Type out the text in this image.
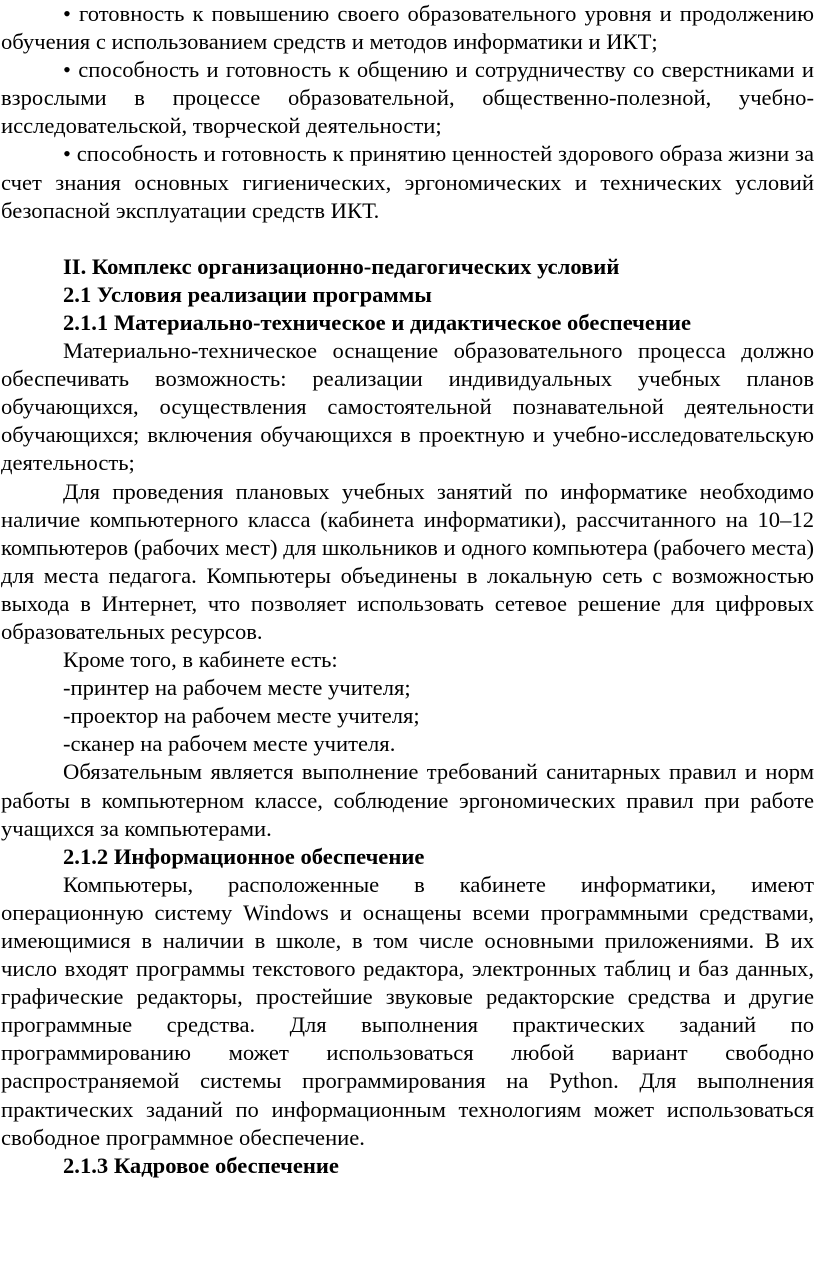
• готовность к повышению своего образовательного уровня и продолжению обучения с использованием средств и методов информатики и ИКТ;

• способность и готовность к общению и сотрудничеству со сверстниками и взрослыми в процессе образовательной, общественно-полезной, учебно-исследовательской, творческой деятельности;

• способность и готовность к принятию ценностей здорового образа жизни за счет знания основных гигиенических, эргономических и технических условий безопасной эксплуатации средств ИКТ.

II. Комплекс организационно-педагогических условий

2.1 Условия реализации программы

2.1.1 Материально-техническое и дидактическое обеспечение

Материально-техническое оснащение образовательного процесса должно обеспечивать возможность: реализации индивидуальных учебных планов обучающихся, осуществления самостоятельной познавательной деятельности обучающихся; включения обучающихся в проектную и учебно-исследовательскую деятельность;

Для проведения плановых учебных занятий по информатике необходимо наличие компьютерного класса (кабинета информатики), рассчитанного на 10–12 компьютеров (рабочих мест) для школьников и одного компьютера (рабочего места) для места педагога. Компьютеры объединены в локальную сеть с возможностью выхода в Интернет, что позволяет использовать сетевое решение для цифровых образовательных ресурсов.

Кроме того, в кабинете есть:

-принтер на рабочем месте учителя;

-проектор на рабочем месте учителя;

-сканер на рабочем месте учителя.

Обязательным является выполнение требований санитарных правил и норм работы в компьютерном классе, соблюдение эргономических правил при работе учащихся за компьютерами.

2.1.2 Информационное обеспечение

Компьютеры, расположенные в кабинете информатики, имеют операционную систему Windows и оснащены всеми программными средствами, имеющимися в наличии в школе, в том числе основными приложениями. В их число входят программы текстового редактора, электронных таблиц и баз данных, графические редакторы, простейшие звуковые редакторские средства и другие программные средства. Для выполнения практических заданий по программированию может использоваться любой вариант свободно распространяемой системы программирования на Python. Для выполнения практических заданий по информационным технологиям может использоваться свободное программное обеспечение.

2.1.3 Кадровое обеспечение
